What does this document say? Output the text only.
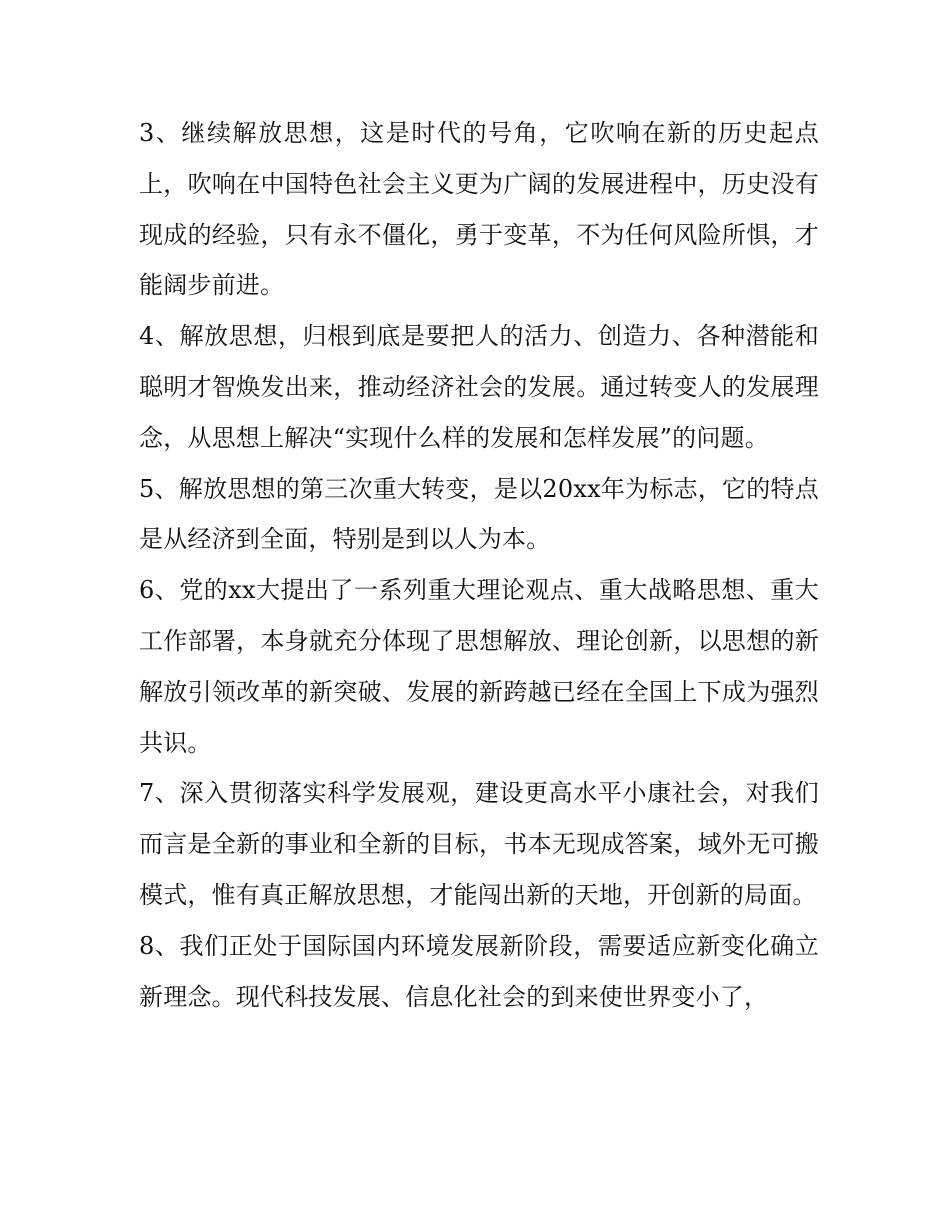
3、继续解放思想，这是时代的号角，它吹响在新的历史起点上，吹响在中国特色社会主义更为广阔的发展进程中，历史没有现成的经验，只有永不僵化，勇于变革，不为任何风险所惧，才能阔步前进。

4、解放思想，归根到底是要把人的活力、创造力、各种潜能和聪明才智焕发出来，推动经济社会的发展。通过转变人的发展理念，从思想上解决“实现什么样的发展和怎样发展”的问题。

5、解放思想的第三次重大转变，是以20xx年为标志，它的特点是从经济到全面，特别是到以人为本。

6、党的xx大提出了一系列重大理论观点、重大战略思想、重大工作部署，本身就充分体现了思想解放、理论创新，以思想的新解放引领改革的新突破、发展的新跨越已经在全国上下成为强烈共识。

7、深入贯彻落实科学发展观，建设更高水平小康社会，对我们而言是全新的事业和全新的目标，书本无现成答案，域外无可搬模式，惟有真正解放思想，才能闯出新的天地，开创新的局面。

8、我们正处于国际国内环境发展新阶段，需要适应新变化确立新理念。现代科技发展、信息化社会的到来使世界变小了，
